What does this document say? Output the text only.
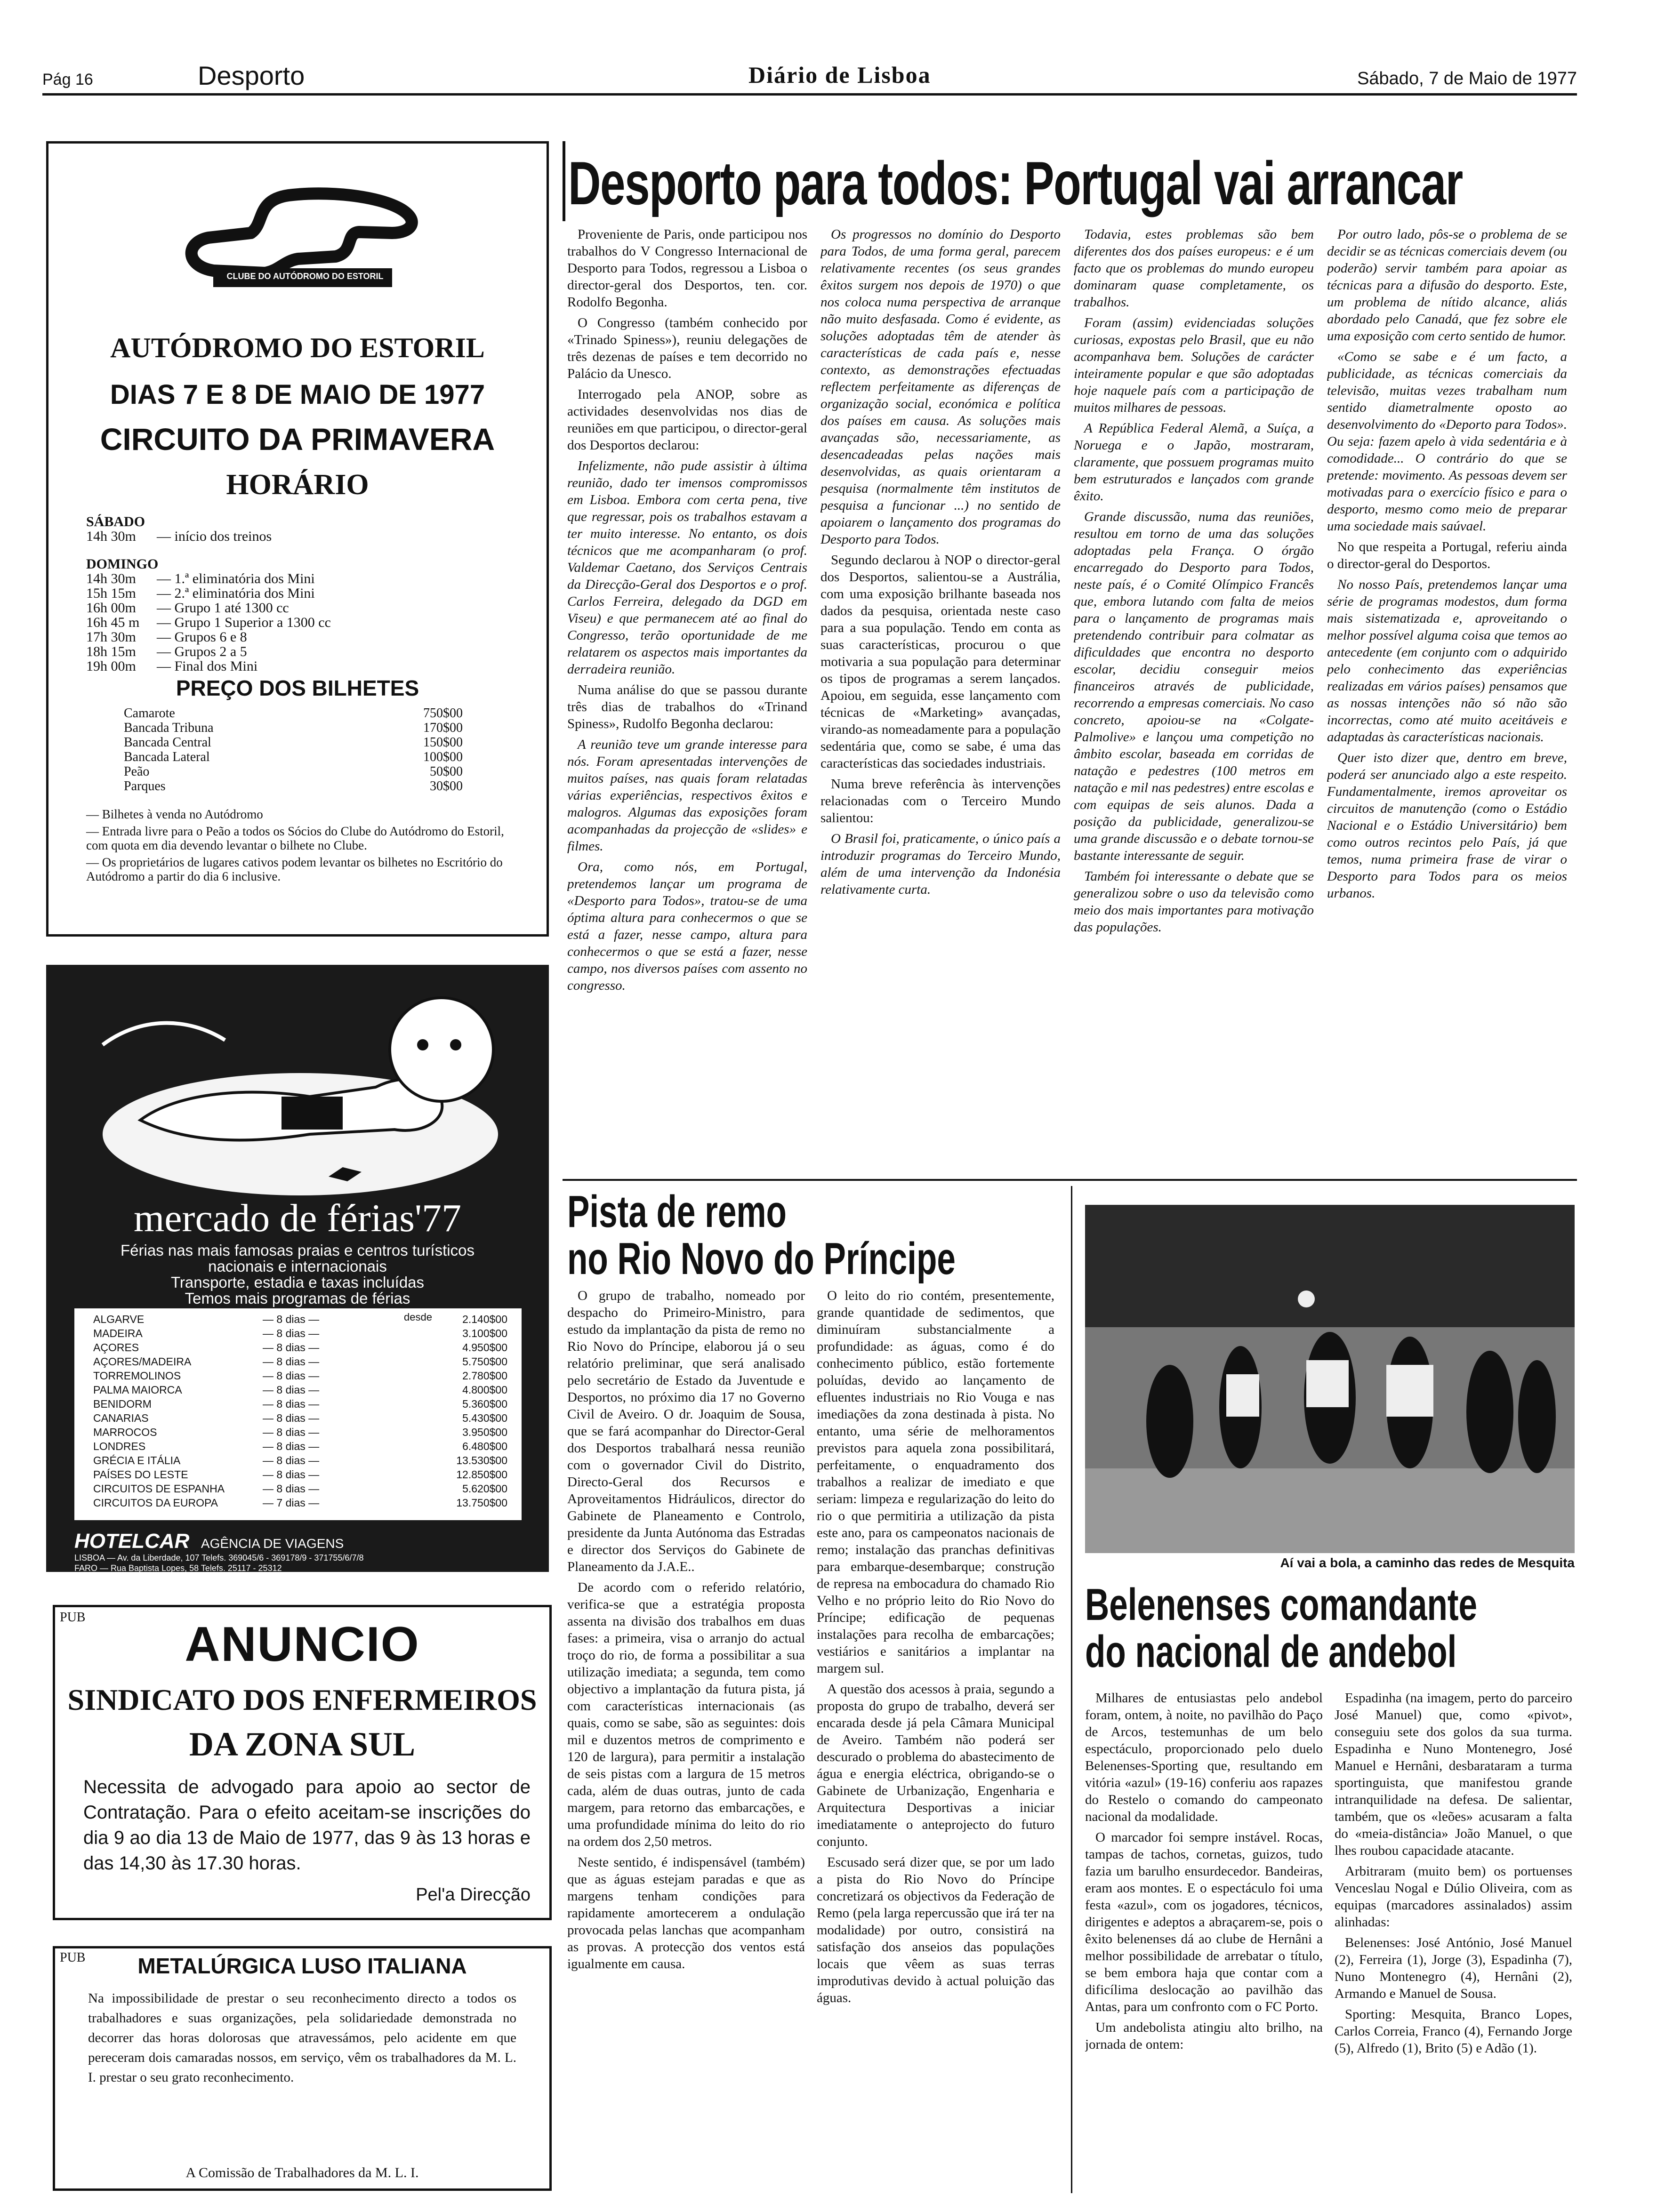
Pág 16	Desporto	Diário de Lisboa	Sábado, 7 de Maio de 1977
CLUBE DO AUTÓDROMO DO ESTORIL
AUTÓDROMO DO ESTORIL
DIAS 7 E 8 DE MAIO DE 1977
CIRCUITO DA PRIMAVERA
HORÁRIO
SÁBADO
14h 30m	— início dos treinos
DOMINGO
14h 30m	— 1.ª eliminatória dos Mini
15h 15m	— 2.ª eliminatória dos Mini
16h 00m	— Grupo 1 até 1300 cc
16h 45 m	— Grupo 1 Superior a 1300 cc
17h 30m	— Grupos 6 e 8
18h 15m	— Grupos 2 a 5
19h 00m	— Final dos Mini
PREÇO DOS BILHETES
Camarote	750$00
Bancada Tribuna	170$00
Bancada Central	150$00
Bancada Lateral	100$00
Peão	50$00
Parques	30$00
— Bilhetes à venda no Autódromo
— Entrada livre para o Peão a todos os Sócios do Clube do Autódromo do Estoril, com quota em dia devendo levantar o bilhete no Clube.
— Os proprietários de lugares cativos podem levantar os bilhetes no Escritório do Autódromo a partir do dia 6 inclusive.
mercado de férias'77
Férias nas mais famosas praias e centros turísticos
nacionais e internacionais
Transporte, estadia e taxas incluídas
Temos mais programas de férias
desde
ALGARVE	— 8 dias —	2.140$00
MADEIRA	— 8 dias —	3.100$00
AÇORES	— 8 dias —	4.950$00
AÇORES/MADEIRA	— 8 dias —	5.750$00
TORREMOLINOS	— 8 dias —	2.780$00
PALMA MAIORCA	— 8 dias —	4.800$00
BENIDORM	— 8 dias —	5.360$00
CANARIAS	— 8 dias —	5.430$00
MARROCOS	— 8 dias —	3.950$00
LONDRES	— 8 dias —	6.480$00
GRÉCIA E ITÁLIA	— 8 dias —	13.530$00
PAÍSES DO LESTE	— 8 dias —	12.850$00
CIRCUITOS DE ESPANHA	— 8 dias —	5.620$00
CIRCUITOS DA EUROPA	— 7 dias —	13.750$00
HOTELCAR AGÊNCIA DE VIAGENS
LISBOA — Av. da Liberdade, 107 Telefs. 369045/6 - 369178/9 - 371755/6/7/8
FARO — Rua Baptista Lopes, 58 Telefs. 25117 - 25312
PUB	ANUNCIO
SINDICATO DOS ENFERMEIROS
DA ZONA SUL
Necessita de advogado para apoio ao sector de Contratação. Para o efeito aceitam-se inscrições do dia 9 ao dia 13 de Maio de 1977, das 9 às 13 horas e das 14,30 às 17.30 horas.
Pel'a Direcção
PUB	METALÚRGICA LUSO ITALIANA
Na impossibilidade de prestar o seu reconhecimento directo a todos os trabalhadores e suas organizações, pela solidariedade demonstrada no decorrer das horas dolorosas que atravessámos, pelo acidente em que pereceram dois camaradas nossos, em serviço, vêm os trabalhadores da M. L. I. prestar o seu grato reconhecimento.
A Comissão de Trabalhadores da M. L. I.
Desporto para todos: Portugal vai arrancar

Proveniente de Paris, onde participou nos trabalhos do V Congresso Internacional de Desporto para Todos, regressou a Lisboa o director-geral dos Desportos, ten. cor. Rodolfo Begonha.

O Congresso (também conhecido por «Trinado Spiness»), reuniu delegações de três dezenas de países e tem decorrido no Palácio da Unesco.

Interrogado pela ANOP, sobre as actividades desenvolvidas nos dias de reuniões em que participou, o director-geral dos Desportos declarou:

Infelizmente, não pude assistir à última reunião, dado ter imensos compromissos em Lisboa. Embora com certa pena, tive que regressar, pois os trabalhos estavam a ter muito interesse. No entanto, os dois técnicos que me acompanharam (o prof. Valdemar Caetano, dos Serviços Centrais da Direcção-Geral dos Desportos e o prof. Carlos Ferreira, delegado da DGD em Viseu) e que permanecem até ao final do Congresso, terão oportunidade de me relatarem os aspectos mais importantes da derradeira reunião.

Numa análise do que se passou durante três dias de trabalhos do «Trinand Spiness», Rudolfo Begonha declarou:

A reunião teve um grande interesse para nós. Foram apresentadas intervenções de muitos países, nas quais foram relatadas várias experiências, respectivos êxitos e malogros. Algumas das exposições foram acompanhadas da projecção de «slides» e filmes.

Ora, como nós, em Portugal, pretendemos lançar um programa de «Desporto para Todos», tratou-se de uma óptima altura para conhecermos o que se está a fazer, nesse campo, altura para conhecermos o que se está a fazer, nesse campo, nos diversos países com assento no congresso.

Os progressos no domínio do Desporto para Todos, de uma forma geral, parecem relativamente recentes (os seus grandes êxitos surgem nos depois de 1970) o que nos coloca numa perspectiva de arranque não muito desfasada. Como é evidente, as soluções adoptadas têm de atender às características de cada país e, nesse contexto, as demonstrações efectuadas reflectem perfeitamente as diferenças de organização social, económica e política dos países em causa. As soluções mais avançadas são, necessariamente, as desencadeadas pelas nações mais desenvolvidas, as quais orientaram a pesquisa (normalmente têm institutos de pesquisa a funcionar ...) no sentido de apoiarem o lançamento dos programas do Desporto para Todos.

Segundo declarou à NOP o director-geral dos Desportos, salientou-se a Austrália, com uma exposição brilhante baseada nos dados da pesquisa, orientada neste caso para a sua população. Tendo em conta as suas características, procurou o que motivaria a sua população para determinar os tipos de programas a serem lançados. Apoiou, em seguida, esse lançamento com técnicas de «Marketing» avançadas, virando-as nomeadamente para a população sedentária que, como se sabe, é uma das características das sociedades industriais.

Numa breve referência às intervenções relacionadas com o Terceiro Mundo salientou:

O Brasil foi, praticamente, o único país a introduzir programas do Terceiro Mundo, além de uma intervenção da Indonésia relativamente curta.

Todavia, estes problemas são bem diferentes dos dos países europeus: e é um facto que os problemas do mundo europeu dominaram quase completamente, os trabalhos.

Foram (assim) evidenciadas soluções curiosas, expostas pelo Brasil, que eu não acompanhava bem. Soluções de carácter inteiramente popular e que são adoptadas hoje naquele país com a participação de muitos milhares de pessoas.

A República Federal Alemã, a Suíça, a Noruega e o Japão, mostraram, claramente, que possuem programas muito bem estruturados e lançados com grande êxito.

Grande discussão, numa das reuniões, resultou em torno de uma das soluções adoptadas pela França. O órgão encarregado do Desporto para Todos, neste país, é o Comité Olímpico Francês que, embora lutando com falta de meios para o lançamento de programas mais pretendendo contribuir para colmatar as dificuldades que encontra no desporto escolar, decidiu conseguir meios financeiros através de publicidade, recorrendo a empresas comerciais. No caso concreto, apoiou-se na «Colgate-Palmolive» e lançou uma competição no âmbito escolar, baseada em corridas de natação e pedestres (100 metros em natação e mil nas pedestres) entre escolas e com equipas de seis alunos. Dada a posição da publicidade, generalizou-se uma grande discussão e o debate tornou-se bastante interessante de seguir.

Também foi interessante o debate que se generalizou sobre o uso da televisão como meio dos mais importantes para motivação das populações.

Por outro lado, pôs-se o problema de se decidir se as técnicas comerciais devem (ou poderão) servir também para apoiar as técnicas para a difusão do desporto. Este, um problema de nítido alcance, aliás abordado pelo Canadá, que fez sobre ele uma exposição com certo sentido de humor.

«Como se sabe e é um facto, a publicidade, as técnicas comerciais da televisão, muitas vezes trabalham num sentido diametralmente oposto ao desenvolvimento do «Deporto para Todos». Ou seja: fazem apelo à vida sedentária e à comodidade... O contrário do que se pretende: movimento. As pessoas devem ser motivadas para o exercício físico e para o desporto, mesmo como meio de preparar uma sociedade mais saúvael.

No que respeita a Portugal, referiu ainda o director-geral do Desportos.

No nosso País, pretendemos lançar uma série de programas modestos, dum forma mais sistematizada e, aproveitando o melhor possível alguma coisa que temos ao antecedente (em conjunto com o adquirido pelo conhecimento das experiências realizadas em vários países) pensamos que as nossas intenções não só não são incorrectas, como até muito aceitáveis e adaptadas às características nacionais.

Quer isto dizer que, dentro em breve, poderá ser anunciado algo a este respeito. Fundamentalmente, iremos aproveitar os circuitos de manutenção (como o Estádio Nacional e o Estádio Universitário) bem como outros recintos pelo País, já que temos, numa primeira frase de virar o Desporto para Todos para os meios urbanos.

Pista de remo
no Rio Novo do Príncipe

O grupo de trabalho, nomeado por despacho do Primeiro-Ministro, para estudo da implantação da pista de remo no Rio Novo do Príncipe, elaborou já o seu relatório preliminar, que será analisado pelo secretário de Estado da Juventude e Desportos, no próximo dia 17 no Governo Civil de Aveiro. O dr. Joaquim de Sousa, que se fará acompanhar do Director-Geral dos Desportos trabalhará nessa reunião com o governador Civil do Distrito, Directo-Geral dos Recursos e Aproveitamentos Hidráulicos, director do Gabinete de Planeamento e Controlo, presidente da Junta Autónoma das Estradas e director dos Serviços do Gabinete de Planeamento da J.A.E..

De acordo com o referido relatório, verifica-se que a estratégia proposta assenta na divisão dos trabalhos em duas fases: a primeira, visa o arranjo do actual troço do rio, de forma a possibilitar a sua utilização imediata; a segunda, tem como objectivo a implantação da futura pista, já com características internacionais (as quais, como se sabe, são as seguintes: dois mil e duzentos metros de comprimento e 120 de largura), para permitir a instalação de seis pistas com a largura de 15 metros cada, além de duas outras, junto de cada margem, para retorno das embarcações, e uma profundidade mínima do leito do rio na ordem dos 2,50 metros.

Neste sentido, é indispensável (também) que as águas estejam paradas e que as margens tenham condições para rapidamente amortecerem a ondulação provocada pelas lanchas que acompanham as provas. A protecção dos ventos está igualmente em causa.

O leito do rio contém, presentemente, grande quantidade de sedimentos, que diminuíram substancialmente a profundidade: as águas, como é do conhecimento público, estão fortemente poluídas, devido ao lançamento de efluentes industriais no Rio Vouga e nas imediações da zona destinada à pista. No entanto, uma série de melhoramentos previstos para aquela zona possibilitará, perfeitamente, o enquadramento dos trabalhos a realizar de imediato e que seriam: limpeza e regularização do leito do rio o que permitiria a utilização da pista este ano, para os campeonatos nacionais de remo; instalação das pranchas definitivas para embarque-desembarque; construção de represa na embocadura do chamado Rio Velho e no próprio leito do Rio Novo do Príncipe; edificação de pequenas instalações para recolha de embarcações; vestiários e sanitários a implantar na margem sul.

A questão dos acessos à praia, segundo a proposta do grupo de trabalho, deverá ser encarada desde já pela Câmara Municipal de Aveiro. Também não poderá ser descurado o problema do abastecimento de água e energia eléctrica, obrigando-se o Gabinete de Urbanização, Engenharia e Arquitectura Desportivas a iniciar imediatamente o anteprojecto do futuro conjunto.

Escusado será dizer que, se por um lado a pista do Rio Novo do Príncipe concretizará os objectivos da Federação de Remo (pela larga repercussão que irá ter na modalidade) por outro, consistirá na satisfação dos anseios das populações locais que vêem as suas terras improdutivas devido à actual poluição das águas.

Aí vai a bola, a caminho das redes de Mesquita
Belenenses comandante
do nacional de andebol

Milhares de entusiastas pelo andebol foram, ontem, à noite, no pavilhão do Paço de Arcos, testemunhas de um belo espectáculo, proporcionado pelo duelo Belenenses-Sporting que, resultando em vitória «azul» (19-16) conferiu aos rapazes do Restelo o comando do campeonato nacional da modalidade.

O marcador foi sempre instável. Rocas, tampas de tachos, cornetas, guizos, tudo fazia um barulho ensurdecedor. Bandeiras, eram aos montes. E o espectáculo foi uma festa «azul», com os jogadores, técnicos, dirigentes e adeptos a abraçarem-se, pois o êxito belenenses dá ao clube de Hernâni a melhor possibilidade de arrebatar o título, se bem embora haja que contar com a dificílima deslocação ao pavilhão das Antas, para um confronto com o FC Porto.

Um andebolista atingiu alto brilho, na jornada de ontem:

Espadinha (na imagem, perto do parceiro José Manuel) que, como «pivot», conseguiu sete dos golos da sua turma. Espadinha e Nuno Montenegro, José Manuel e Hernâni, desbarataram a turma sportinguista, que manifestou grande intranquilidade na defesa. De salientar, também, que os «leões» acusaram a falta do «meia-distância» João Manuel, o que lhes roubou capacidade atacante.

Arbitraram (muito bem) os portuenses Venceslau Nogal e Dúlio Oliveira, com as equipas (marcadores assinalados) assim alinhadas:

Belenenses: José António, José Manuel (2), Ferreira (1), Jorge (3), Espadinha (7), Nuno Montenegro (4), Hernâni (2), Armando e Manuel de Sousa.

Sporting: Mesquita, Branco Lopes, Carlos Correia, Franco (4), Fernando Jorge (5), Alfredo (1), Brito (5) e Adão (1).
